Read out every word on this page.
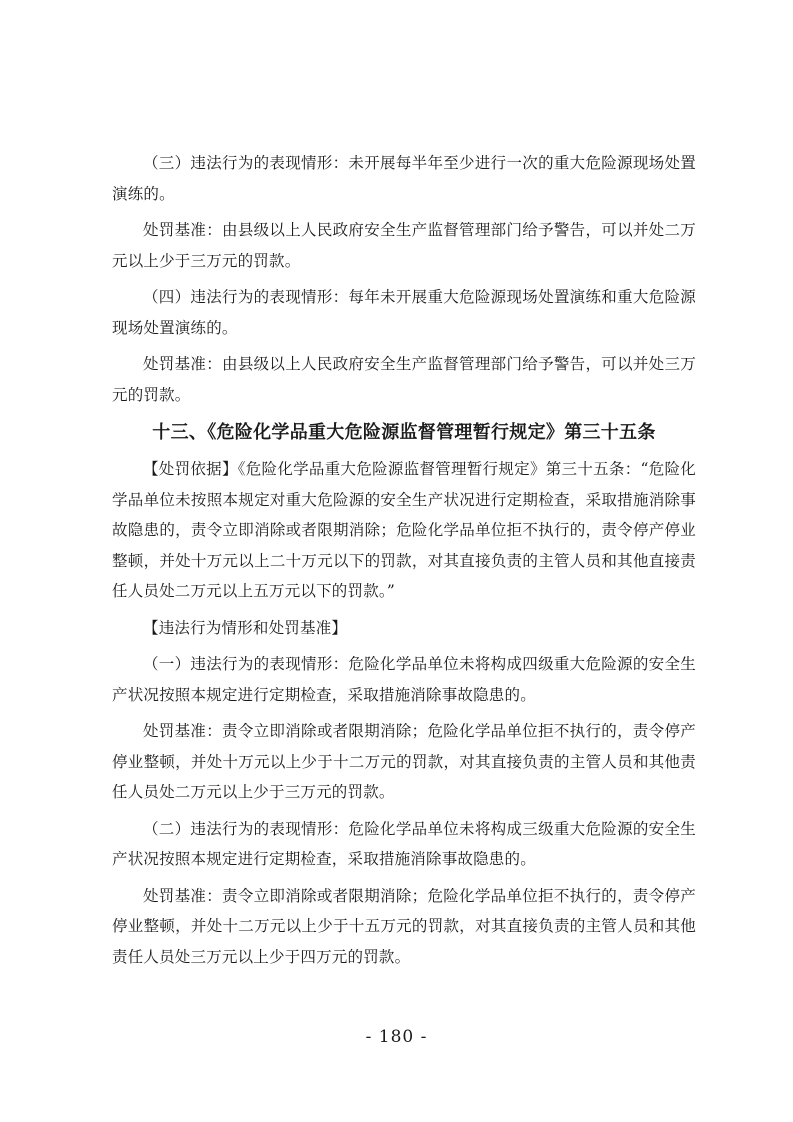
（三）违法行为的表现情形：未开展每半年至少进行一次的重大危险源现场处置演练的。

处罚基准：由县级以上人民政府安全生产监督管理部门给予警告，可以并处二万元以上少于三万元的罚款。

（四）违法行为的表现情形：每年未开展重大危险源现场处置演练和重大危险源现场处置演练的。

处罚基准：由县级以上人民政府安全生产监督管理部门给予警告，可以并处三万元的罚款。

十三、《危险化学品重大危险源监督管理暂行规定》第三十五条

【处罚依据】《危险化学品重大危险源监督管理暂行规定》第三十五条：“危险化学品单位未按照本规定对重大危险源的安全生产状况进行定期检查，采取措施消除事故隐患的，责令立即消除或者限期消除；危险化学品单位拒不执行的，责令停产停业整顿，并处十万元以上二十万元以下的罚款，对其直接负责的主管人员和其他直接责任人员处二万元以上五万元以下的罚款。”

【违法行为情形和处罚基准】

（一）违法行为的表现情形：危险化学品单位未将构成四级重大危险源的安全生产状况按照本规定进行定期检查，采取措施消除事故隐患的。

处罚基准：责令立即消除或者限期消除；危险化学品单位拒不执行的，责令停产停业整顿，并处十万元以上少于十二万元的罚款，对其直接负责的主管人员和其他责任人员处二万元以上少于三万元的罚款。

（二）违法行为的表现情形：危险化学品单位未将构成三级重大危险源的安全生产状况按照本规定进行定期检查，采取措施消除事故隐患的。

处罚基准：责令立即消除或者限期消除；危险化学品单位拒不执行的，责令停产停业整顿，并处十二万元以上少于十五万元的罚款，对其直接负责的主管人员和其他责任人员处三万元以上少于四万元的罚款。

- 180 -
